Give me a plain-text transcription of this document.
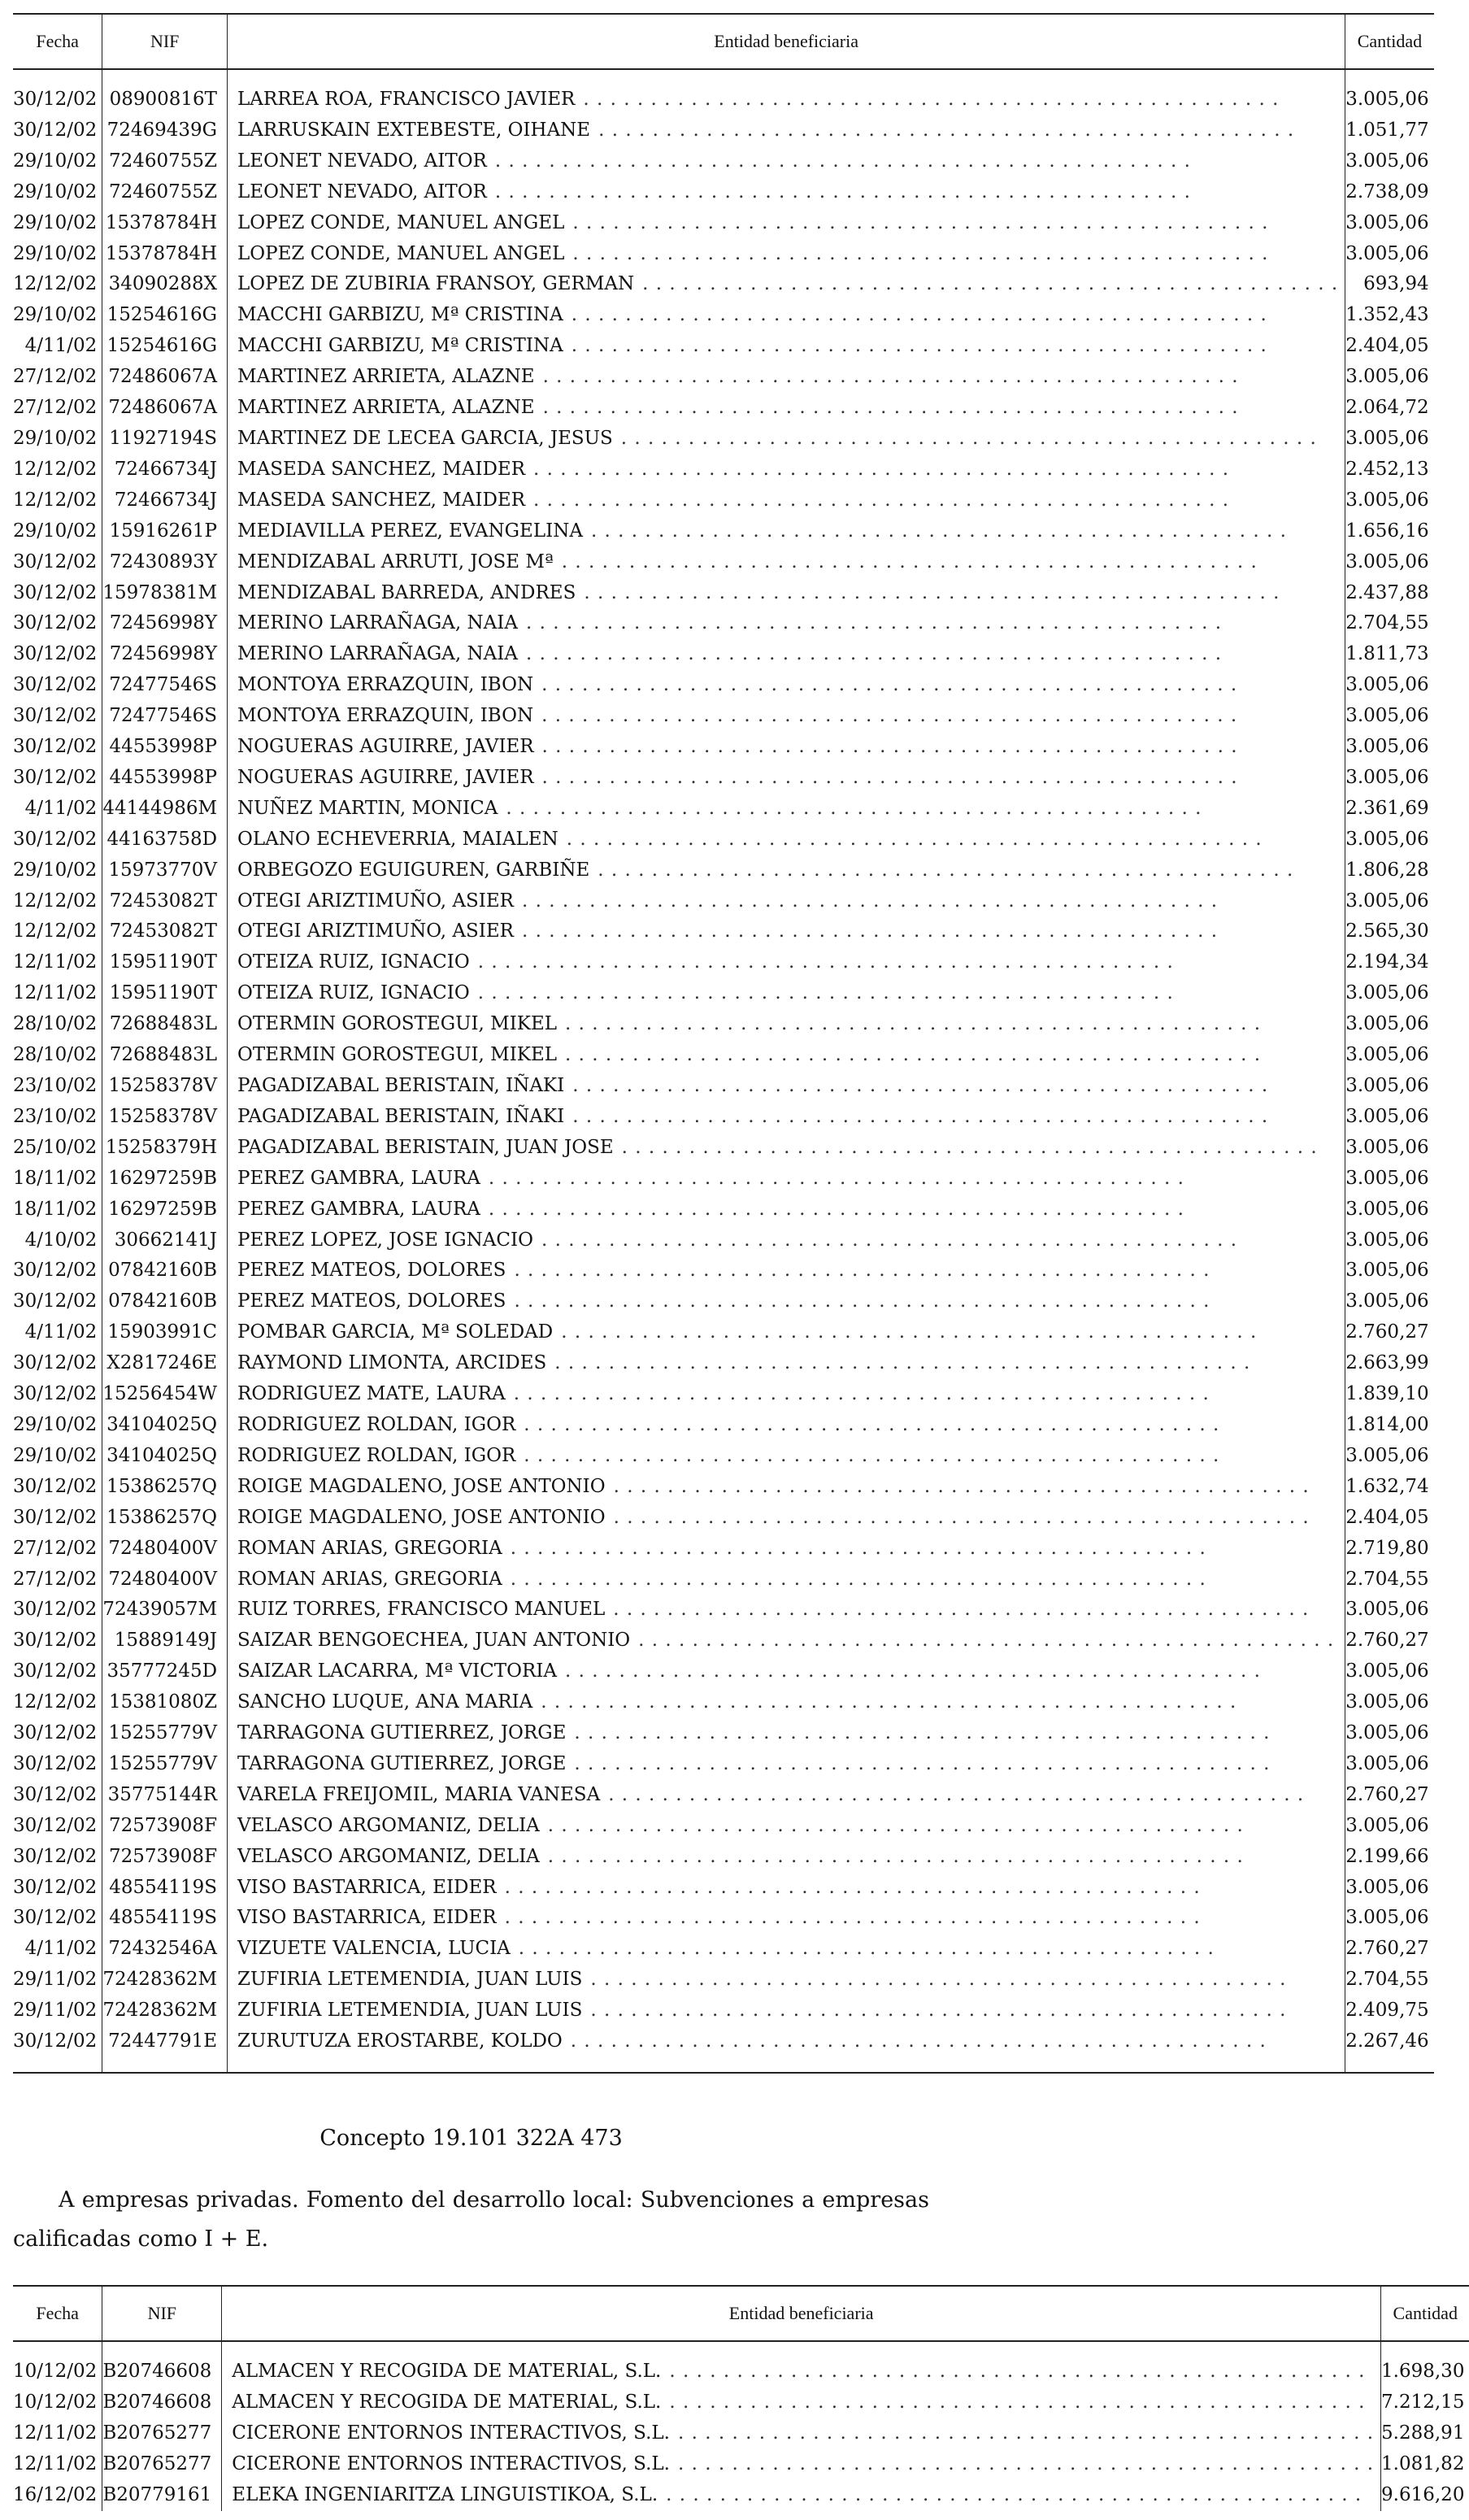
Fecha	NIF	Entidad beneficiaria	Cantidad

30/12/02	08900816T	LARREA ROA, FRANCISCO JAVIER . . . . . . . . . . . . . . . . . . . . . . . . . . . . . . . . . . . . . . . . . . . . . . . . . . . .	3.005,06
30/12/02	72469439G	LARRUSKAIN EXTEBESTE, OIHANE . . . . . . . . . . . . . . . . . . . . . . . . . . . . . . . . . . . . . . . . . . . . . . . . . . . .	1.051,77
29/10/02	72460755Z	LEONET NEVADO, AITOR . . . . . . . . . . . . . . . . . . . . . . . . . . . . . . . . . . . . . . . . . . . . . . . . . . . .	3.005,06
29/10/02	72460755Z	LEONET NEVADO, AITOR . . . . . . . . . . . . . . . . . . . . . . . . . . . . . . . . . . . . . . . . . . . . . . . . . . . .	2.738,09
29/10/02	15378784H	LOPEZ CONDE, MANUEL ANGEL . . . . . . . . . . . . . . . . . . . . . . . . . . . . . . . . . . . . . . . . . . . . . . . . . . . .	3.005,06
29/10/02	15378784H	LOPEZ CONDE, MANUEL ANGEL . . . . . . . . . . . . . . . . . . . . . . . . . . . . . . . . . . . . . . . . . . . . . . . . . . . .	3.005,06
12/12/02	34090288X	LOPEZ DE ZUBIRIA FRANSOY, GERMAN . . . . . . . . . . . . . . . . . . . . . . . . . . . . . . . . . . . . . . . . . . . . . . . . . . . .	693,94
29/10/02	15254616G	MACCHI GARBIZU, Mª CRISTINA . . . . . . . . . . . . . . . . . . . . . . . . . . . . . . . . . . . . . . . . . . . . . . . . . . . .	1.352,43
4/11/02	15254616G	MACCHI GARBIZU, Mª CRISTINA . . . . . . . . . . . . . . . . . . . . . . . . . . . . . . . . . . . . . . . . . . . . . . . . . . . .	2.404,05
27/12/02	72486067A	MARTINEZ ARRIETA, ALAZNE . . . . . . . . . . . . . . . . . . . . . . . . . . . . . . . . . . . . . . . . . . . . . . . . . . . .	3.005,06
27/12/02	72486067A	MARTINEZ ARRIETA, ALAZNE . . . . . . . . . . . . . . . . . . . . . . . . . . . . . . . . . . . . . . . . . . . . . . . . . . . .	2.064,72
29/10/02	11927194S	MARTINEZ DE LECEA GARCIA, JESUS . . . . . . . . . . . . . . . . . . . . . . . . . . . . . . . . . . . . . . . . . . . . . . . . . . . .	3.005,06
12/12/02	72466734J	MASEDA SANCHEZ, MAIDER . . . . . . . . . . . . . . . . . . . . . . . . . . . . . . . . . . . . . . . . . . . . . . . . . . . .	2.452,13
12/12/02	72466734J	MASEDA SANCHEZ, MAIDER . . . . . . . . . . . . . . . . . . . . . . . . . . . . . . . . . . . . . . . . . . . . . . . . . . . .	3.005,06
29/10/02	15916261P	MEDIAVILLA PEREZ, EVANGELINA . . . . . . . . . . . . . . . . . . . . . . . . . . . . . . . . . . . . . . . . . . . . . . . . . . . .	1.656,16
30/12/02	72430893Y	MENDIZABAL ARRUTI, JOSE Mª . . . . . . . . . . . . . . . . . . . . . . . . . . . . . . . . . . . . . . . . . . . . . . . . . . . .	3.005,06
30/12/02	15978381M	MENDIZABAL BARREDA, ANDRES . . . . . . . . . . . . . . . . . . . . . . . . . . . . . . . . . . . . . . . . . . . . . . . . . . . .	2.437,88
30/12/02	72456998Y	MERINO LARRAÑAGA, NAIA . . . . . . . . . . . . . . . . . . . . . . . . . . . . . . . . . . . . . . . . . . . . . . . . . . . .	2.704,55
30/12/02	72456998Y	MERINO LARRAÑAGA, NAIA . . . . . . . . . . . . . . . . . . . . . . . . . . . . . . . . . . . . . . . . . . . . . . . . . . . .	1.811,73
30/12/02	72477546S	MONTOYA ERRAZQUIN, IBON . . . . . . . . . . . . . . . . . . . . . . . . . . . . . . . . . . . . . . . . . . . . . . . . . . . .	3.005,06
30/12/02	72477546S	MONTOYA ERRAZQUIN, IBON . . . . . . . . . . . . . . . . . . . . . . . . . . . . . . . . . . . . . . . . . . . . . . . . . . . .	3.005,06
30/12/02	44553998P	NOGUERAS AGUIRRE, JAVIER . . . . . . . . . . . . . . . . . . . . . . . . . . . . . . . . . . . . . . . . . . . . . . . . . . . .	3.005,06
30/12/02	44553998P	NOGUERAS AGUIRRE, JAVIER . . . . . . . . . . . . . . . . . . . . . . . . . . . . . . . . . . . . . . . . . . . . . . . . . . . .	3.005,06
4/11/02	44144986M	NUÑEZ MARTIN, MONICA . . . . . . . . . . . . . . . . . . . . . . . . . . . . . . . . . . . . . . . . . . . . . . . . . . . .	2.361,69
30/12/02	44163758D	OLANO ECHEVERRIA, MAIALEN . . . . . . . . . . . . . . . . . . . . . . . . . . . . . . . . . . . . . . . . . . . . . . . . . . . .	3.005,06
29/10/02	15973770V	ORBEGOZO EGUIGUREN, GARBIÑE . . . . . . . . . . . . . . . . . . . . . . . . . . . . . . . . . . . . . . . . . . . . . . . . . . . .	1.806,28
12/12/02	72453082T	OTEGI ARIZTIMUÑO, ASIER . . . . . . . . . . . . . . . . . . . . . . . . . . . . . . . . . . . . . . . . . . . . . . . . . . . .	3.005,06
12/12/02	72453082T	OTEGI ARIZTIMUÑO, ASIER . . . . . . . . . . . . . . . . . . . . . . . . . . . . . . . . . . . . . . . . . . . . . . . . . . . .	2.565,30
12/11/02	15951190T	OTEIZA RUIZ, IGNACIO . . . . . . . . . . . . . . . . . . . . . . . . . . . . . . . . . . . . . . . . . . . . . . . . . . . .	2.194,34
12/11/02	15951190T	OTEIZA RUIZ, IGNACIO . . . . . . . . . . . . . . . . . . . . . . . . . . . . . . . . . . . . . . . . . . . . . . . . . . . .	3.005,06
28/10/02	72688483L	OTERMIN GOROSTEGUI, MIKEL . . . . . . . . . . . . . . . . . . . . . . . . . . . . . . . . . . . . . . . . . . . . . . . . . . . .	3.005,06
28/10/02	72688483L	OTERMIN GOROSTEGUI, MIKEL . . . . . . . . . . . . . . . . . . . . . . . . . . . . . . . . . . . . . . . . . . . . . . . . . . . .	3.005,06
23/10/02	15258378V	PAGADIZABAL BERISTAIN, IÑAKI . . . . . . . . . . . . . . . . . . . . . . . . . . . . . . . . . . . . . . . . . . . . . . . . . . . .	3.005,06
23/10/02	15258378V	PAGADIZABAL BERISTAIN, IÑAKI . . . . . . . . . . . . . . . . . . . . . . . . . . . . . . . . . . . . . . . . . . . . . . . . . . . .	3.005,06
25/10/02	15258379H	PAGADIZABAL BERISTAIN, JUAN JOSE . . . . . . . . . . . . . . . . . . . . . . . . . . . . . . . . . . . . . . . . . . . . . . . . . . . .	3.005,06
18/11/02	16297259B	PEREZ GAMBRA, LAURA . . . . . . . . . . . . . . . . . . . . . . . . . . . . . . . . . . . . . . . . . . . . . . . . . . . .	3.005,06
18/11/02	16297259B	PEREZ GAMBRA, LAURA . . . . . . . . . . . . . . . . . . . . . . . . . . . . . . . . . . . . . . . . . . . . . . . . . . . .	3.005,06
4/10/02	30662141J	PEREZ LOPEZ, JOSE IGNACIO . . . . . . . . . . . . . . . . . . . . . . . . . . . . . . . . . . . . . . . . . . . . . . . . . . . .	3.005,06
30/12/02	07842160B	PEREZ MATEOS, DOLORES . . . . . . . . . . . . . . . . . . . . . . . . . . . . . . . . . . . . . . . . . . . . . . . . . . . .	3.005,06
30/12/02	07842160B	PEREZ MATEOS, DOLORES . . . . . . . . . . . . . . . . . . . . . . . . . . . . . . . . . . . . . . . . . . . . . . . . . . . .	3.005,06
4/11/02	15903991C	POMBAR GARCIA, Mª SOLEDAD . . . . . . . . . . . . . . . . . . . . . . . . . . . . . . . . . . . . . . . . . . . . . . . . . . . .	2.760,27
30/12/02	X2817246E	RAYMOND LIMONTA, ARCIDES . . . . . . . . . . . . . . . . . . . . . . . . . . . . . . . . . . . . . . . . . . . . . . . . . . . .	2.663,99
30/12/02	15256454W	RODRIGUEZ MATE, LAURA . . . . . . . . . . . . . . . . . . . . . . . . . . . . . . . . . . . . . . . . . . . . . . . . . . . .	1.839,10
29/10/02	34104025Q	RODRIGUEZ ROLDAN, IGOR . . . . . . . . . . . . . . . . . . . . . . . . . . . . . . . . . . . . . . . . . . . . . . . . . . . .	1.814,00
29/10/02	34104025Q	RODRIGUEZ ROLDAN, IGOR . . . . . . . . . . . . . . . . . . . . . . . . . . . . . . . . . . . . . . . . . . . . . . . . . . . .	3.005,06
30/12/02	15386257Q	ROIGE MAGDALENO, JOSE ANTONIO . . . . . . . . . . . . . . . . . . . . . . . . . . . . . . . . . . . . . . . . . . . . . . . . . . . .	1.632,74
30/12/02	15386257Q	ROIGE MAGDALENO, JOSE ANTONIO . . . . . . . . . . . . . . . . . . . . . . . . . . . . . . . . . . . . . . . . . . . . . . . . . . . .	2.404,05
27/12/02	72480400V	ROMAN ARIAS, GREGORIA . . . . . . . . . . . . . . . . . . . . . . . . . . . . . . . . . . . . . . . . . . . . . . . . . . . .	2.719,80
27/12/02	72480400V	ROMAN ARIAS, GREGORIA . . . . . . . . . . . . . . . . . . . . . . . . . . . . . . . . . . . . . . . . . . . . . . . . . . . .	2.704,55
30/12/02	72439057M	RUIZ TORRES, FRANCISCO MANUEL . . . . . . . . . . . . . . . . . . . . . . . . . . . . . . . . . . . . . . . . . . . . . . . . . . . .	3.005,06
30/12/02	15889149J	SAIZAR BENGOECHEA, JUAN ANTONIO . . . . . . . . . . . . . . . . . . . . . . . . . . . . . . . . . . . . . . . . . . . . . . . . . . . .	2.760,27
30/12/02	35777245D	SAIZAR LACARRA, Mª VICTORIA . . . . . . . . . . . . . . . . . . . . . . . . . . . . . . . . . . . . . . . . . . . . . . . . . . . .	3.005,06
12/12/02	15381080Z	SANCHO LUQUE, ANA MARIA . . . . . . . . . . . . . . . . . . . . . . . . . . . . . . . . . . . . . . . . . . . . . . . . . . . .	3.005,06
30/12/02	15255779V	TARRAGONA GUTIERREZ, JORGE . . . . . . . . . . . . . . . . . . . . . . . . . . . . . . . . . . . . . . . . . . . . . . . . . . . .	3.005,06
30/12/02	15255779V	TARRAGONA GUTIERREZ, JORGE . . . . . . . . . . . . . . . . . . . . . . . . . . . . . . . . . . . . . . . . . . . . . . . . . . . .	3.005,06
30/12/02	35775144R	VARELA FREIJOMIL, MARIA VANESA . . . . . . . . . . . . . . . . . . . . . . . . . . . . . . . . . . . . . . . . . . . . . . . . . . . .	2.760,27
30/12/02	72573908F	VELASCO ARGOMANIZ, DELIA . . . . . . . . . . . . . . . . . . . . . . . . . . . . . . . . . . . . . . . . . . . . . . . . . . . .	3.005,06
30/12/02	72573908F	VELASCO ARGOMANIZ, DELIA . . . . . . . . . . . . . . . . . . . . . . . . . . . . . . . . . . . . . . . . . . . . . . . . . . . .	2.199,66
30/12/02	48554119S	VISO BASTARRICA, EIDER . . . . . . . . . . . . . . . . . . . . . . . . . . . . . . . . . . . . . . . . . . . . . . . . . . . .	3.005,06
30/12/02	48554119S	VISO BASTARRICA, EIDER . . . . . . . . . . . . . . . . . . . . . . . . . . . . . . . . . . . . . . . . . . . . . . . . . . . .	3.005,06
4/11/02	72432546A	VIZUETE VALENCIA, LUCIA . . . . . . . . . . . . . . . . . . . . . . . . . . . . . . . . . . . . . . . . . . . . . . . . . . . .	2.760,27
29/11/02	72428362M	ZUFIRIA LETEMENDIA, JUAN LUIS . . . . . . . . . . . . . . . . . . . . . . . . . . . . . . . . . . . . . . . . . . . . . . . . . . . .	2.704,55
29/11/02	72428362M	ZUFIRIA LETEMENDIA, JUAN LUIS . . . . . . . . . . . . . . . . . . . . . . . . . . . . . . . . . . . . . . . . . . . . . . . . . . . .	2.409,75
30/12/02	72447791E	ZURUTUZA EROSTARBE, KOLDO . . . . . . . . . . . . . . . . . . . . . . . . . . . . . . . . . . . . . . . . . . . . . . . . . . . .	2.267,46

Concepto 19.101 322A 473
A empresas privadas. Fomento del desarrollo local: Subvenciones a empresas calificadas como I + E.
Fecha	NIF	Entidad beneficiaria	Cantidad

10/12/02	B20746608	ALMACEN Y RECOGIDA DE MATERIAL, S.L. . . . . . . . . . . . . . . . . . . . . . . . . . . . . . . . . . . . . . . . . . . . . . . . . . . . .	1.698,30
10/12/02	B20746608	ALMACEN Y RECOGIDA DE MATERIAL, S.L. . . . . . . . . . . . . . . . . . . . . . . . . . . . . . . . . . . . . . . . . . . . . . . . . . . . .	7.212,15
12/11/02	B20765277	CICERONE ENTORNOS INTERACTIVOS, S.L. . . . . . . . . . . . . . . . . . . . . . . . . . . . . . . . . . . . . . . . . . . . . . . . . . . . .	5.288,91
12/11/02	B20765277	CICERONE ENTORNOS INTERACTIVOS, S.L. . . . . . . . . . . . . . . . . . . . . . . . . . . . . . . . . . . . . . . . . . . . . . . . . . . . .	1.081,82
16/12/02	B20779161	ELEKA INGENIARITZA LINGUISTIKOA, S.L. . . . . . . . . . . . . . . . . . . . . . . . . . . . . . . . . . . . . . . . . . . . . . . . . . . . .	9.616,20
